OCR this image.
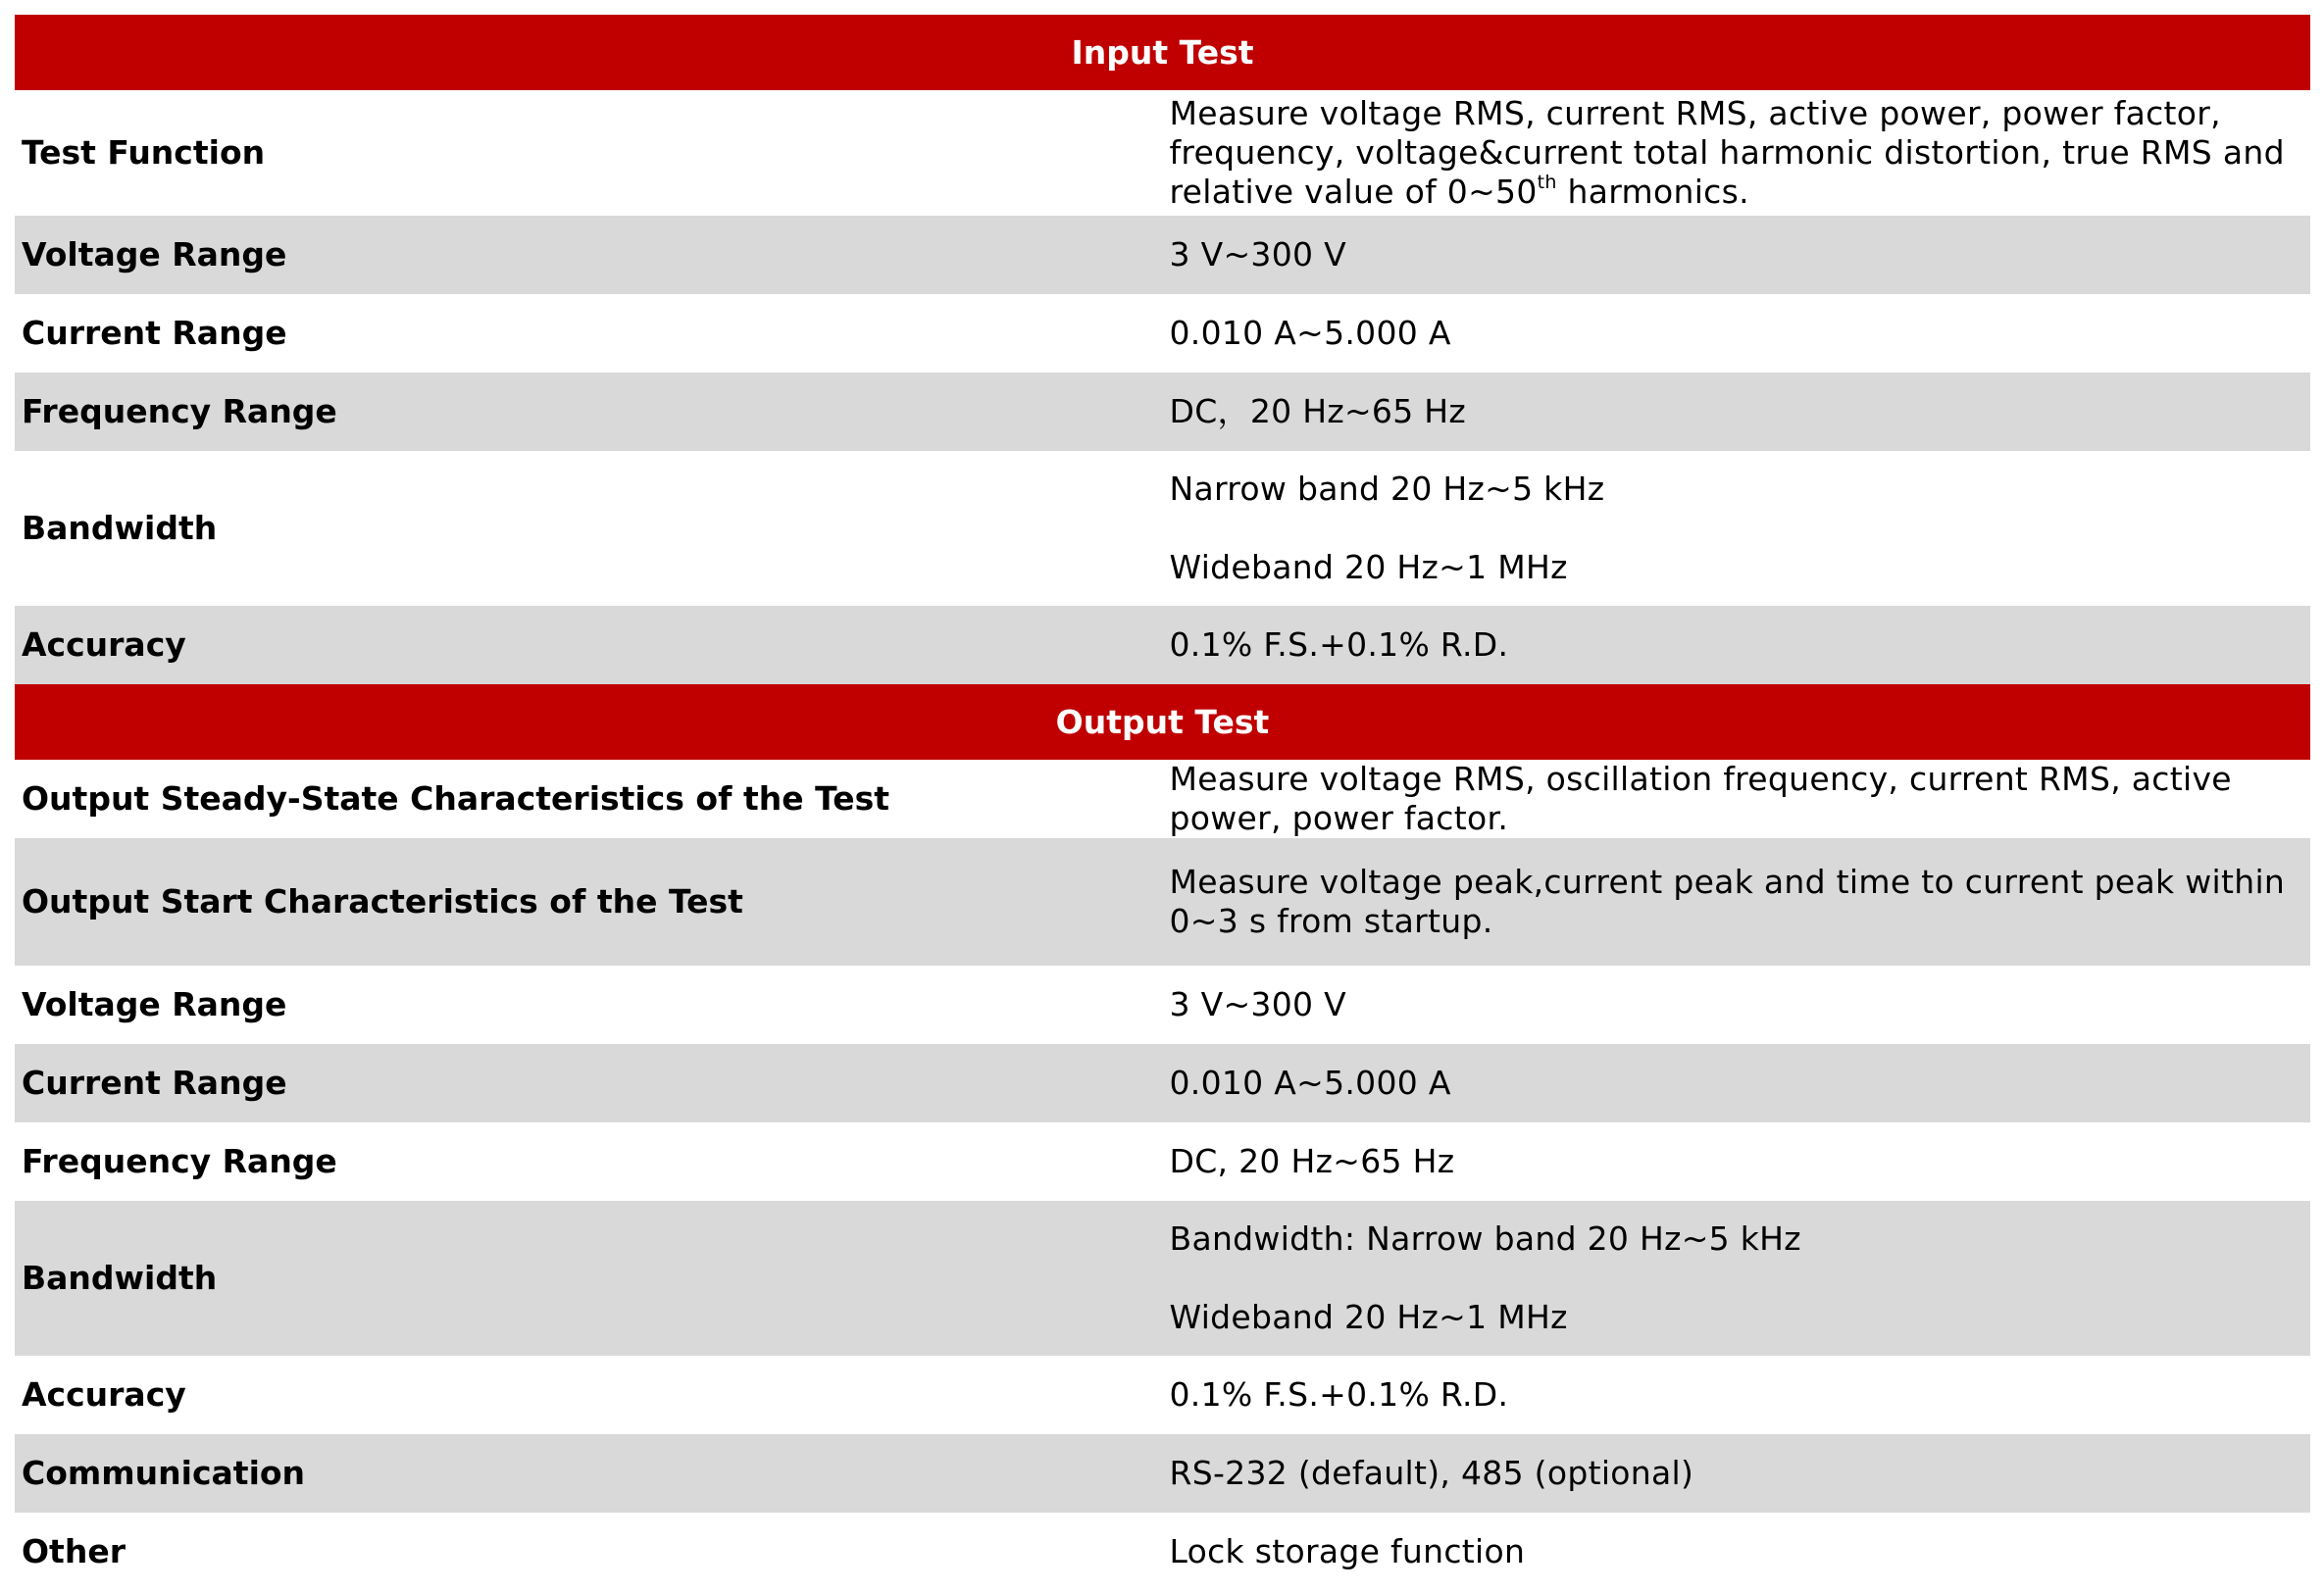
Input Test	
Test Function	Measure voltage RMS, current RMS, active power, power factor, frequency, voltage&current total harmonic distortion, true RMS and relative value of 0~50th harmonics.
Voltage Range	3 V~300 V
Current Range	0.010 A~5.000 A
Frequency Range	DC，20 Hz~65 Hz
Bandwidth	Narrow band 20 Hz~5 kHz
Wideband 20 Hz~1 MHz

Accuracy	0.1% F.S.+0.1% R.D.
Output Test	
Output Steady-State Characteristics of the Test	Measure voltage RMS, oscillation frequency, current RMS, active power, power factor.
Output Start Characteristics of the Test	Measure voltage peak,current peak and time to current peak within 0~3 s from startup.
Voltage Range	3 V~300 V
Current Range	0.010 A~5.000 A
Frequency Range	DC, 20 Hz~65 Hz
Bandwidth	Bandwidth: Narrow band 20 Hz~5 kHz
Wideband 20 Hz~1 MHz

Accuracy	0.1% F.S.+0.1% R.D.
Communication	RS-232 (default), 485 (optional)
Other	Lock storage function
